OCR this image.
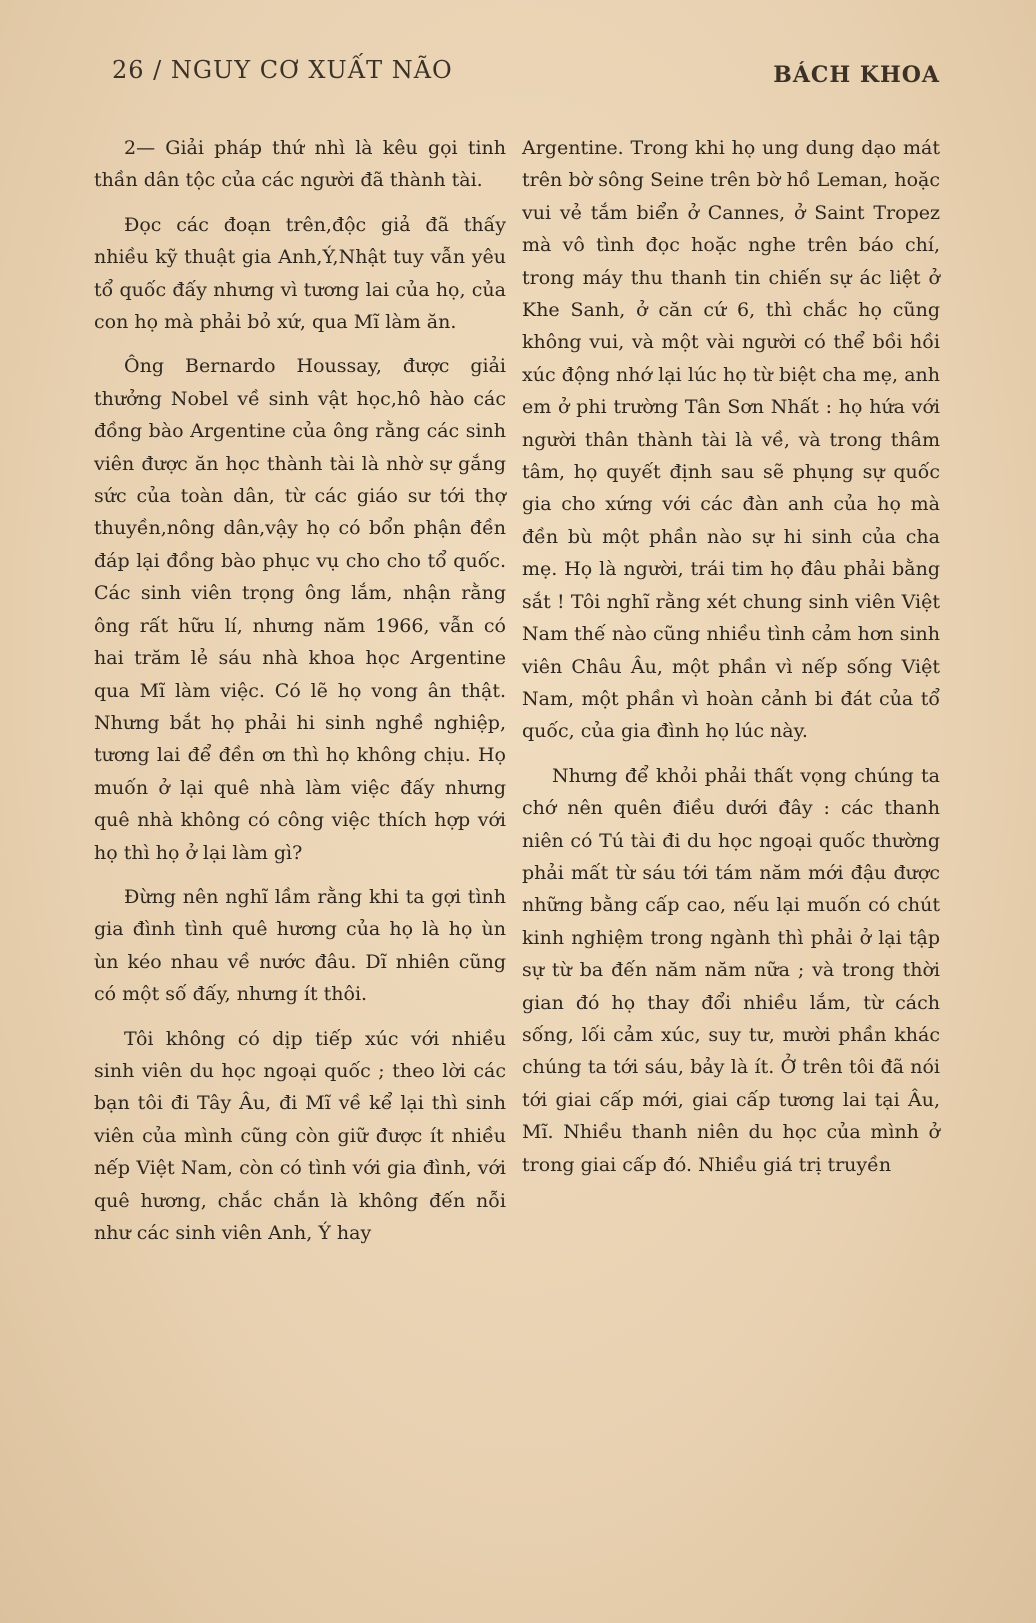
26 / NGUY CƠ XUẤT NÃO	BÁCH KHOA

2— Giải pháp thứ nhì là kêu gọi tinh thần dân tộc của các người đã thành tài.

Đọc các đoạn trên,độc giả đã thấy nhiều kỹ thuật gia Anh,Ý,Nhật tuy vẫn yêu tổ quốc đấy nhưng vì tương lai của họ, của con họ mà phải bỏ xứ, qua Mĩ làm ăn.

Ông Bernardo Houssay, được giải thưởng Nobel về sinh vật học,hô hào các đồng bào Argentine của ông rằng các sinh viên được ăn học thành tài là nhờ sự gắng sức của toàn dân, từ các giáo sư tới thợ thuyền,nông dân,vậy họ có bổn phận đền đáp lại đồng bào phục vụ cho cho tổ quốc. Các sinh viên trọng ông lắm, nhận rằng ông rất hữu lí, nhưng năm 1966, vẫn có hai trăm lẻ sáu nhà khoa học Argentine qua Mĩ làm việc. Có lẽ họ vong ân thật. Nhưng bắt họ phải hi sinh nghề nghiệp, tương lai để đền ơn thì họ không chịu. Họ muốn ở lại quê nhà làm việc đấy nhưng quê nhà không có công việc thích hợp với họ thì họ ở lại làm gì?

Đừng nên nghĩ lầm rằng khi ta gợi tình gia đình tình quê hương của họ là họ ùn ùn kéo nhau về nước đâu. Dĩ nhiên cũng có một số đấy, nhưng ít thôi.

Tôi không có dịp tiếp xúc với nhiều sinh viên du học ngoại quốc ; theo lời các bạn tôi đi Tây Âu, đi Mĩ về kể lại thì sinh viên của mình cũng còn giữ được ít nhiều nếp Việt Nam, còn có tình với gia đình, với quê hương, chắc chắn là không đến nỗi như các sinh viên Anh, Ý hay

Argentine. Trong khi họ ung dung dạo mát trên bờ sông Seine trên bờ hồ Leman, hoặc vui vẻ tắm biển ở Cannes, ở Saint Tropez mà vô tình đọc hoặc nghe trên báo chí, trong máy thu thanh tin chiến sự ác liệt ở Khe Sanh, ở căn cứ 6, thì chắc họ cũng không vui, và một vài người có thể bồi hồi xúc động nhớ lại lúc họ từ biệt cha mẹ, anh em ở phi trường Tân Sơn Nhất : họ hứa với người thân thành tài là về, và trong thâm tâm, họ quyết định sau sẽ phụng sự quốc gia cho xứng với các đàn anh của họ mà đền bù một phần nào sự hi sinh của cha mẹ. Họ là người, trái tim họ đâu phải bằng sắt ! Tôi nghĩ rằng xét chung sinh viên Việt Nam thế nào cũng nhiều tình cảm hơn sinh viên Châu Âu, một phần vì nếp sống Việt Nam, một phần vì hoàn cảnh bi đát của tổ quốc, của gia đình họ lúc này.

Nhưng để khỏi phải thất vọng chúng ta chớ nên quên điều dưới đây : các thanh niên có Tú tài đi du học ngoại quốc thường phải mất từ sáu tới tám năm mới đậu được những bằng cấp cao, nếu lại muốn có chút kinh nghiệm trong ngành thì phải ở lại tập sự từ ba đến năm năm nữa ; và trong thời gian đó họ thay đổi nhiều lắm, từ cách sống, lối cảm xúc, suy tư, mười phần khác chúng ta tới sáu, bảy là ít. Ở trên tôi đã nói tới giai cấp mới, giai cấp tương lai tại Âu, Mĩ. Nhiều thanh niên du học của mình ở trong giai cấp đó. Nhiều giá trị truyền
